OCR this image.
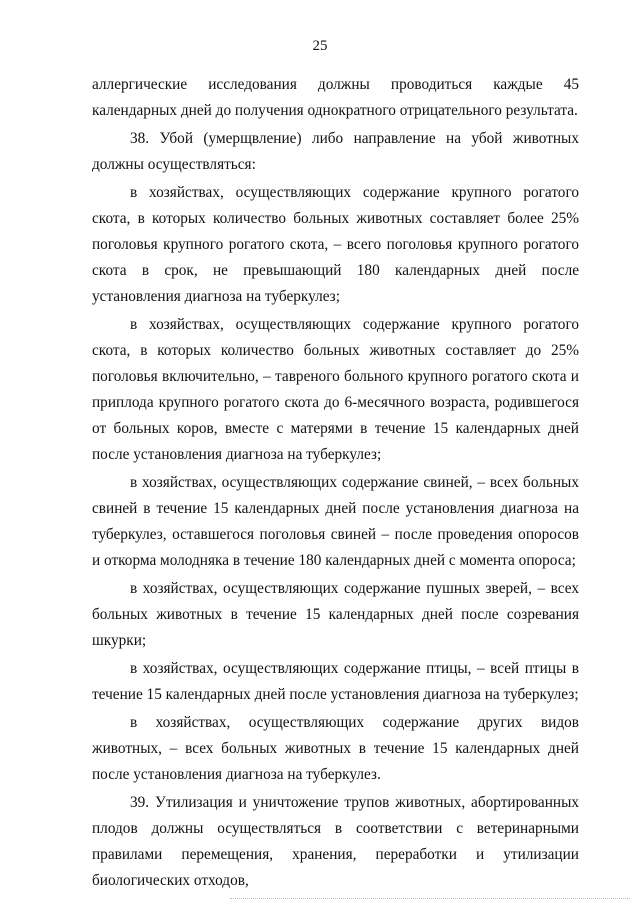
25

аллергические исследования должны проводиться каждые 45 календарных дней до получения однократного отрицательного результата.

38. Убой (умерщвление) либо направление на убой животных должны осуществляться:

в хозяйствах, осуществляющих содержание крупного рогатого скота, в которых количество больных животных составляет более 25% поголовья крупного рогатого скота, – всего поголовья крупного рогатого скота в срок, не превышающий 180 календарных дней после установления диагноза на туберкулез;

в хозяйствах, осуществляющих содержание крупного рогатого скота, в которых количество больных животных составляет до 25% поголовья включительно, – тавреного больного крупного рогатого скота и приплода крупного рогатого скота до 6-месячного возраста, родившегося от больных коров, вместе с матерями в течение 15 календарных дней после установления диагноза на туберкулез;

в хозяйствах, осуществляющих содержание свиней, – всех больных свиней в течение 15 календарных дней после установления диагноза на туберкулез, оставшегося поголовья свиней – после проведения опоросов и откорма молодняка в течение 180 календарных дней с момента опороса;

в хозяйствах, осуществляющих содержание пушных зверей, – всех больных животных в течение 15 календарных дней после созревания шкурки;

в хозяйствах, осуществляющих содержание птицы, – всей птицы в течение 15 календарных дней после установления диагноза на туберкулез;

в хозяйствах, осуществляющих содержание других видов животных, – всех больных животных в течение 15 календарных дней после установления диагноза на туберкулез.

39. Утилизация и уничтожение трупов животных, абортированных плодов должны осуществляться в соответствии с ветеринарными правилами перемещения, хранения, переработки и утилизации биологических отходов,
